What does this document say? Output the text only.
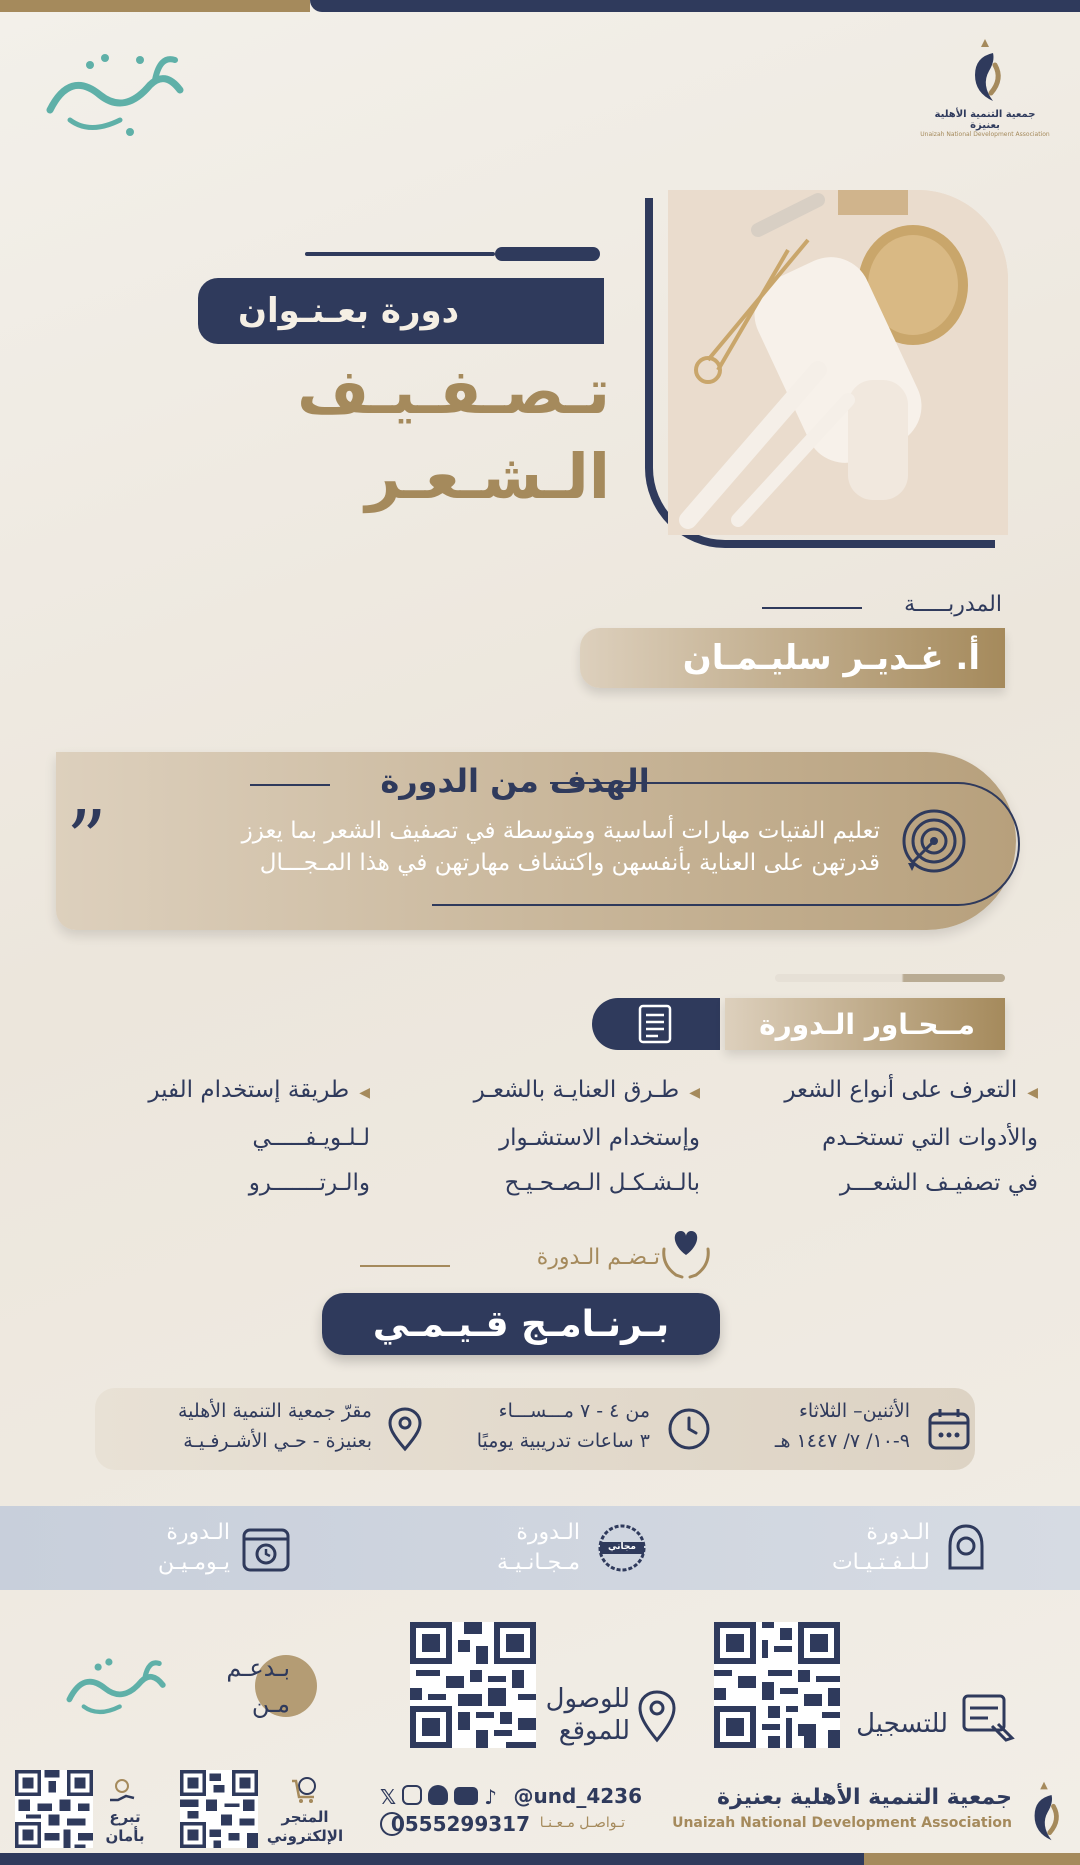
جمعية التنمية الأهلية بعنيزة
Unaizah National Development Association
دورة بعـنـوان
تـصـفـيـف
الـشـعـر
المدربـــــة
أ. غـديـر سليـمـان
الهدف من الدورة
تعليم الفتيات مهارات أساسية ومتوسطة في تصفيف الشعر بما يعزز
قدرتهن على العناية بأنفسهن واكتشاف مهارتهن في هذا المـجـــال
”
مــحـاور الـدورة
◀التعرف على أنواع الشعر
والأدوات التي تستخـدم
في تصفيـف الشعـــر
◀طـرق العنايـة بالشعـر
وإستخدام الاستشـوار
بالـشـكـل الـصـحـيـح
◀طريقة إستخدام الفير
لـلـويـفـــــي
والـرتـــــــرو
تـضـم الـدورة
بـرنـامـج قـيـمـي
الأثنين– الثلاثاء
٩-١٠/ ٧/ ١٤٤٧ هـ
من ٤ - ٧ مـــســـاء
٣ ساعات تدريبية يوميًا
مقرّ جمعية التنمية الأهلية
بعنيزة - حـي الأشـرفـيـة
الـدورة
لـلـفـتـيـات
مجاني
الـدورة
مـجـانـيـة
الـدورة
يـومـيـن
للتسجيل
للوصول
للموقع
بـدعـم
مـن
جمعية التنمية الأهلية بعنيزة
Unaizah National Development Association
@und_4236
𝕏	♪
تـواصـل مـعـنـا
0555299317
المتجر
الإلكتروني
تبرع
بأمان
